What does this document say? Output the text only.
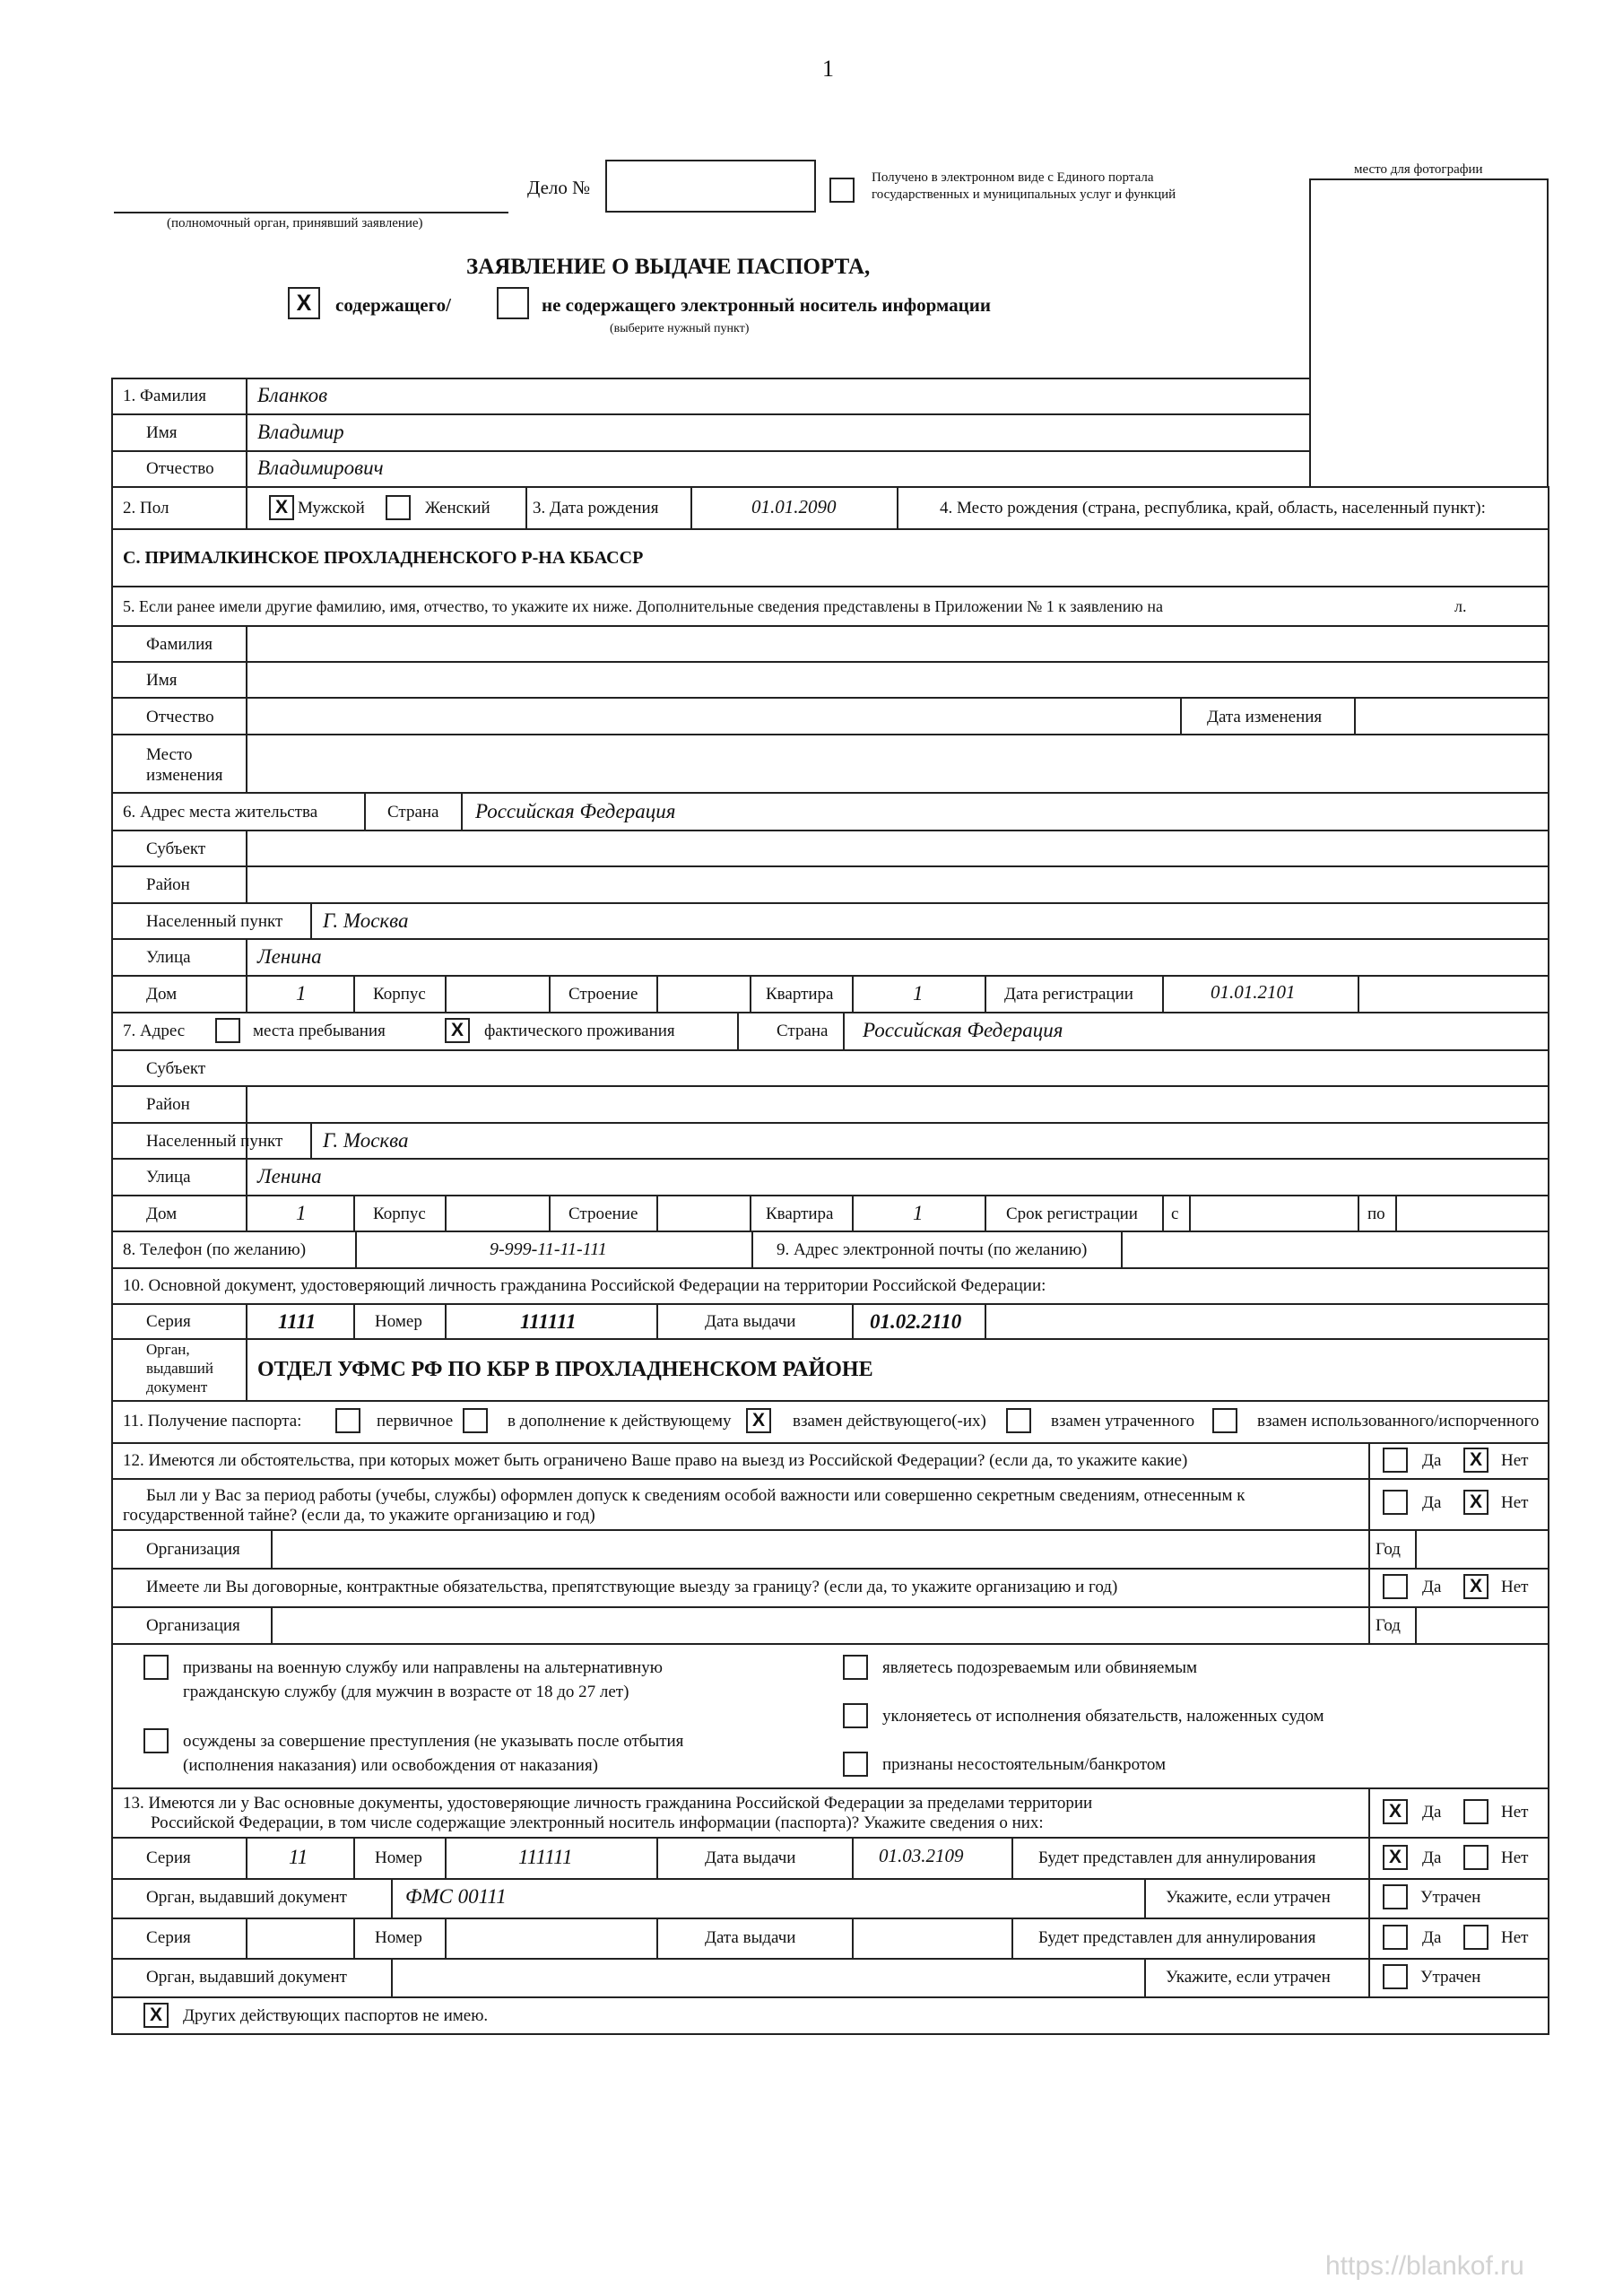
1
(полномочный орган, принявший заявление)
Дело №	Получено в электронном виде с Единого портала
государственных и муниципальных услуг и функций
место для фотографии
ЗАЯВЛЕНИЕ О ВЫДАЧЕ ПАСПОРТА,
X	содержащего/	не содержащего электронный носитель информации
(выберите нужный пункт)
1. Фамилия Бланков
Имя	Владимир
Отчество Владимирович
2. Пол	X Мужской	Женский 3. Дата рождения	01.01.2090	4. Место рождения (страна, республика, край, область, населенный пункт):
С. ПРИМАЛКИНСКОЕ ПРОХЛАДНЕНСКОГО Р-НА КБАССР
5. Если ранее имели другие фамилию, имя, отчество, то укажите их ниже. Дополнительные сведения представлены в Приложении № 1 к заявлению на	л.
Фамилия
Имя
Отчество	Дата изменения
Место
изменения
6. Адрес места жительства	Страна Российская Федерация
Субъект
Район
Населенный пункт Г. Москва
Улица	Ленина
Дом	1	Корпус	Строение	Квартира	1	Дата регистрации	01.01.2101
7. Адрес	места пребывания	X	фактического проживания	Страна Российская Федерация
Субъект
Район
Населенный пункт Г. Москва
Улица	Ленина
Дом	1	Корпус	Строение	Квартира	1	Срок регистрации с	по
8. Телефон (по желанию)	9-999-11-11-111	9. Адрес электронной почты (по желанию)
10. Основной документ, удостоверяющий личность гражданина Российской Федерации на территории Российской Федерации:
Серия	1111	Номер	111111	Дата выдачи	01.02.2110
Орган,
выдавший
документ
ОТДЕЛ УФМС РФ ПО КБР В ПРОХЛАДНЕНСКОМ РАЙОНЕ
11. Получение паспорта:	первичное	в дополнение к действующему	X	взамен действующего(-их)	взамен утраченного	взамен использованного/испорченного
12. Имеются ли обстоятельства, при которых может быть ограничено Ваше право на выезд из Российской Федерации? (если да, то укажите какие)	Да	X	Нет
Был ли у Вас за период работы (учебы, службы) оформлен допуск к сведениям особой важности или совершенно секретным сведениям, отнесенным к
государственной тайне? (если да, то укажите организацию и год)
Да	X	Нет
Организация	Год
Имеете ли Вы договорные, контрактные обязательства, препятствующие выезду за границу? (если да, то укажите организацию и год)	Да	X	Нет
Организация	Год
призваны на военную службу или направлены на альтернативную
гражданскую службу (для мужчин в возрасте от 18 до 27 лет)
осуждены за совершение преступления (не указывать после отбытия
(исполнения наказания) или освобождения от наказания)
являетесь подозреваемым или обвиняемым
уклоняетесь от исполнения обязательств, наложенных судом
признаны несостоятельным/банкротом
13. Имеются ли у Вас основные документы, удостоверяющие личность гражданина Российской Федерации за пределами территории
Российской Федерации, в том числе содержащие электронный носитель информации (паспорта)? Укажите сведения о них:
X	Да	Нет
Серия	11	Номер	111111	Дата выдачи	01.03.2109	Будет представлен для аннулирования	X	Да	Нет
Орган, выдавший документ	ФМС 00111	Укажите, если утрачен	Утрачен
Серия	Номер	Дата выдачи	Будет представлен для аннулирования	Да	Нет
Орган, выдавший документ	Укажите, если утрачен	Утрачен
X	Других действующих паспортов не имею.
https://blankof.ru
